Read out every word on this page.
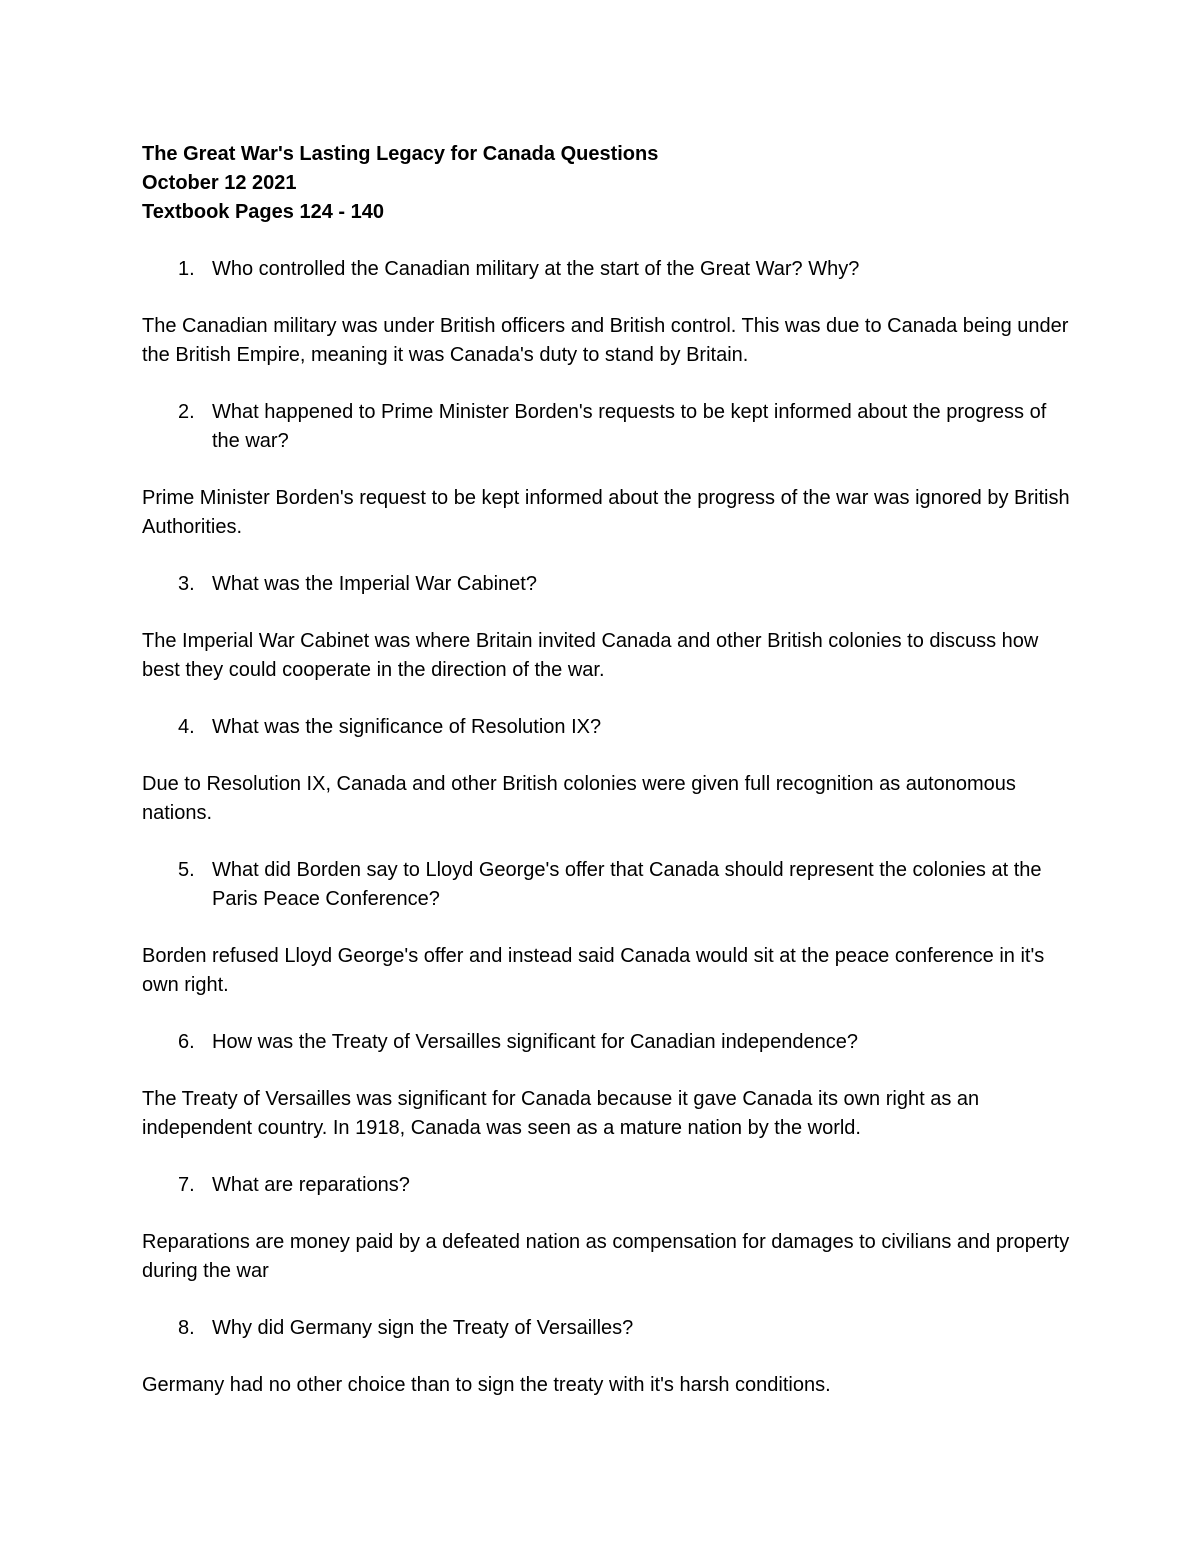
The Great War's Lasting Legacy for Canada Questions

October 12 2021

Textbook Pages 124 - 140

1. Who controlled the Canadian military at the start of the Great War? Why?

The Canadian military was under British officers and British control. This was due to Canada being under the British Empire, meaning it was Canada's duty to stand by Britain.

2. What happened to Prime Minister Borden's requests to be kept informed about the progress of the war?

Prime Minister Borden's request to be kept informed about the progress of the war was ignored by British Authorities.

3. What was the Imperial War Cabinet?

The Imperial War Cabinet was where Britain invited Canada and other British colonies to discuss how best they could cooperate in the direction of the war.

4. What was the significance of Resolution IX?

Due to Resolution IX, Canada and other British colonies were given full recognition as autonomous nations.

5. What did Borden say to Lloyd George's offer that Canada should represent the colonies at the Paris Peace Conference?

Borden refused Lloyd George's offer and instead said Canada would sit at the peace conference in it's own right.

6. How was the Treaty of Versailles significant for Canadian independence?

The Treaty of Versailles was significant for Canada because it gave Canada its own right as an independent country. In 1918, Canada was seen as a mature nation by the world.

7. What are reparations?

Reparations are money paid by a defeated nation as compensation for damages to civilians and property during the war

8. Why did Germany sign the Treaty of Versailles?

Germany had no other choice than to sign the treaty with it's harsh conditions.
